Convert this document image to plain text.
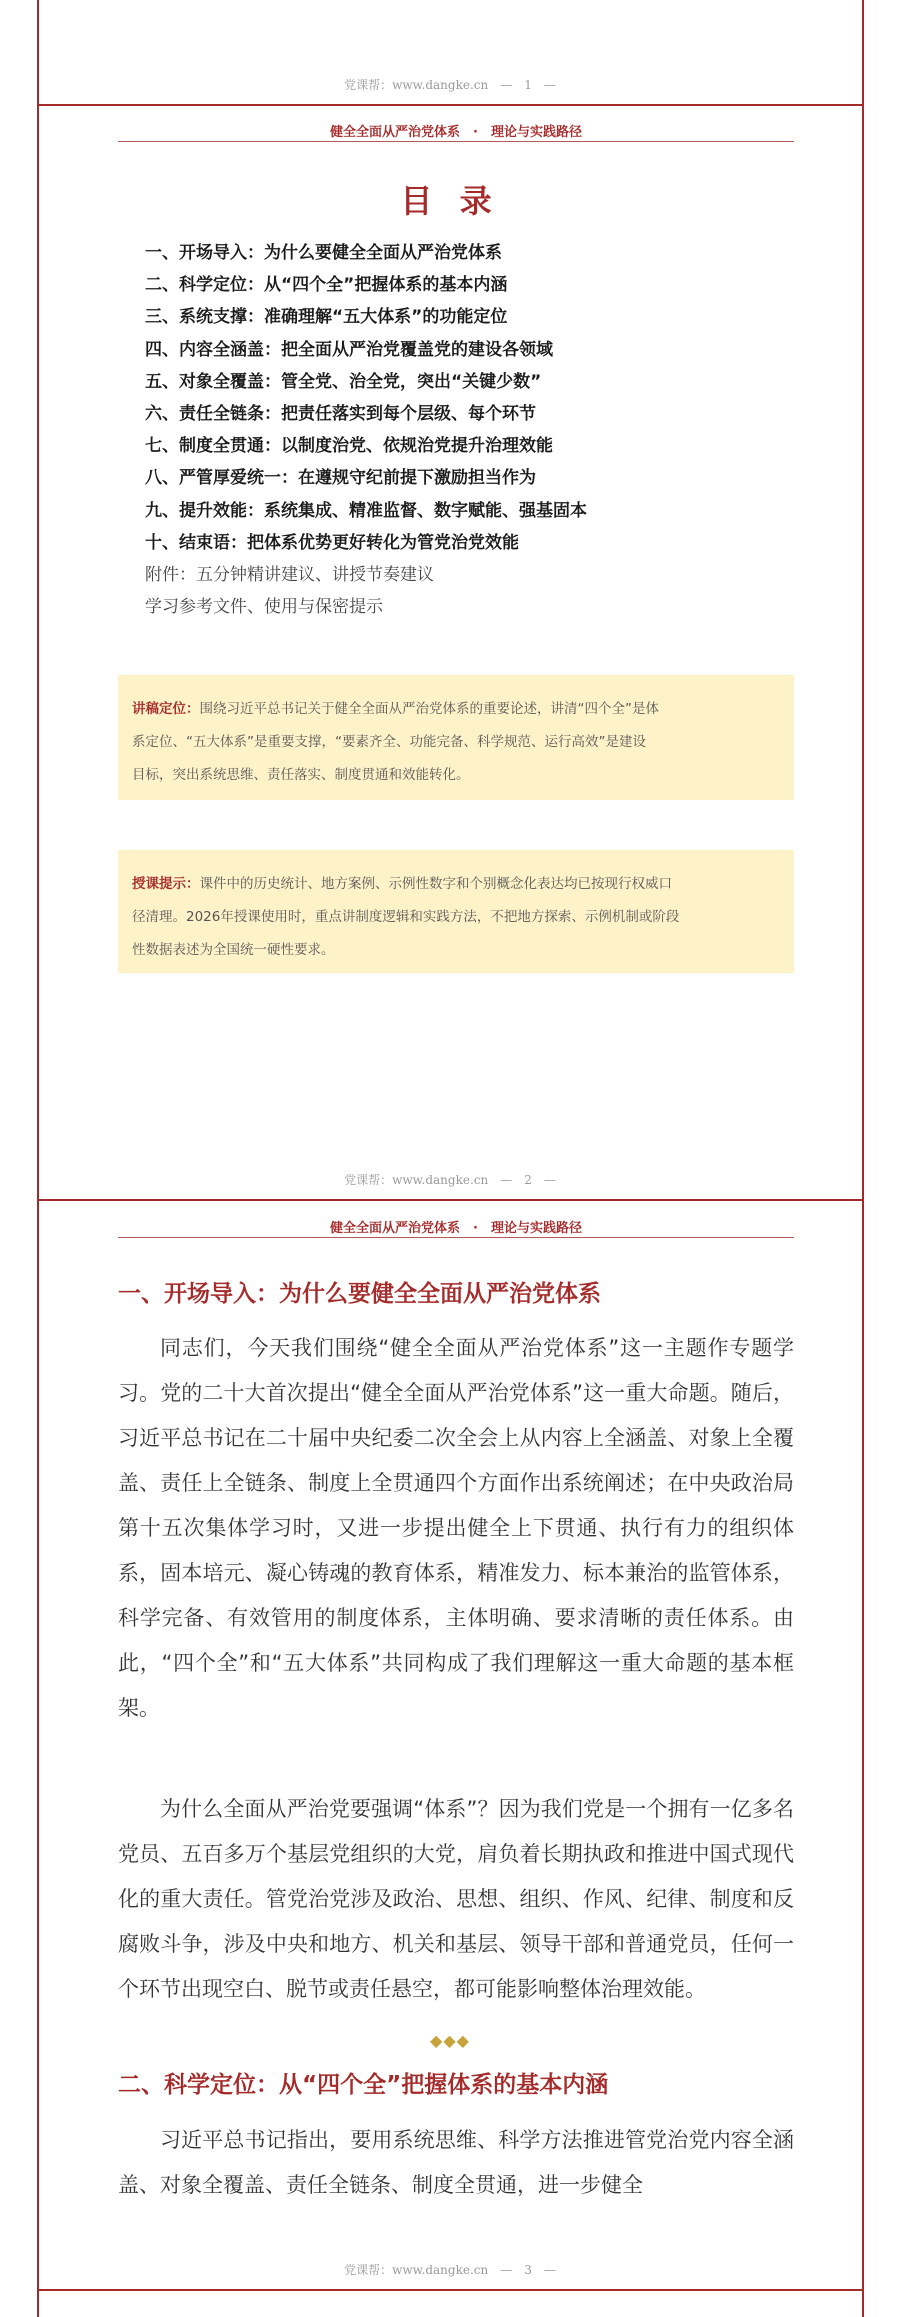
党课帮：www.dangke.cn　—　1　—
健全全面从严治党体系　·　理论与实践路径
目 录
一、开场导入：为什么要健全全面从严治党体系
二、科学定位：从“四个全”把握体系的基本内涵
三、系统支撑：准确理解“五大体系”的功能定位
四、内容全涵盖：把全面从严治党覆盖党的建设各领域
五、对象全覆盖：管全党、治全党，突出“关键少数”
六、责任全链条：把责任落实到每个层级、每个环节
七、制度全贯通：以制度治党、依规治党提升治理效能
八、严管厚爱统一：在遵规守纪前提下激励担当作为
九、提升效能：系统集成、精准监督、数字赋能、强基固本
十、结束语：把体系优势更好转化为管党治党效能
附件：五分钟精讲建议、讲授节奏建议
学习参考文件、使用与保密提示
讲稿定位：围绕习近平总书记关于健全全面从严治党体系的重要论述，讲清“四个全”是体
系定位、“五大体系”是重要支撑，“要素齐全、功能完备、科学规范、运行高效”是建设
目标，突出系统思维、责任落实、制度贯通和效能转化。
授课提示：课件中的历史统计、地方案例、示例性数字和个别概念化表达均已按现行权威口
径清理。2026年授课使用时，重点讲制度逻辑和实践方法，不把地方探索、示例机制或阶段
性数据表述为全国统一硬性要求。
党课帮：www.dangke.cn　—　2　—
健全全面从严治党体系　·　理论与实践路径
一、开场导入：为什么要健全全面从严治党体系

同志们，今天我们围绕“健全全面从严治党体系”这一主题作专题学习。党的二十大首次提出“健全全面从严治党体系”这一重大命题。随后，习近平总书记在二十届中央纪委二次全会上从内容上全涵盖、对象上全覆盖、责任上全链条、制度上全贯通四个方面作出系统阐述；在中央政治局第十五次集体学习时，又进一步提出健全上下贯通、执行有力的组织体系，固本培元、凝心铸魂的教育体系，精准发力、标本兼治的监管体系，科学完备、有效管用的制度体系，主体明确、要求清晰的责任体系。由此，“四个全”和“五大体系”共同构成了我们理解这一重大命题的基本框架。

为什么全面从严治党要强调“体系”？因为我们党是一个拥有一亿多名党员、五百多万个基层党组织的大党，肩负着长期执政和推进中国式现代化的重大责任。管党治党涉及政治、思想、组织、作风、纪律、制度和反腐败斗争，涉及中央和地方、机关和基层、领导干部和普通党员，任何一个环节出现空白、脱节或责任悬空，都可能影响整体治理效能。

◆◆◆
二、科学定位：从“四个全”把握体系的基本内涵

习近平总书记指出，要用系统思维、科学方法推进管党治党内容全涵盖、对象全覆盖、责任全链条、制度全贯通，进一步健全

党课帮：www.dangke.cn　—　3　—
